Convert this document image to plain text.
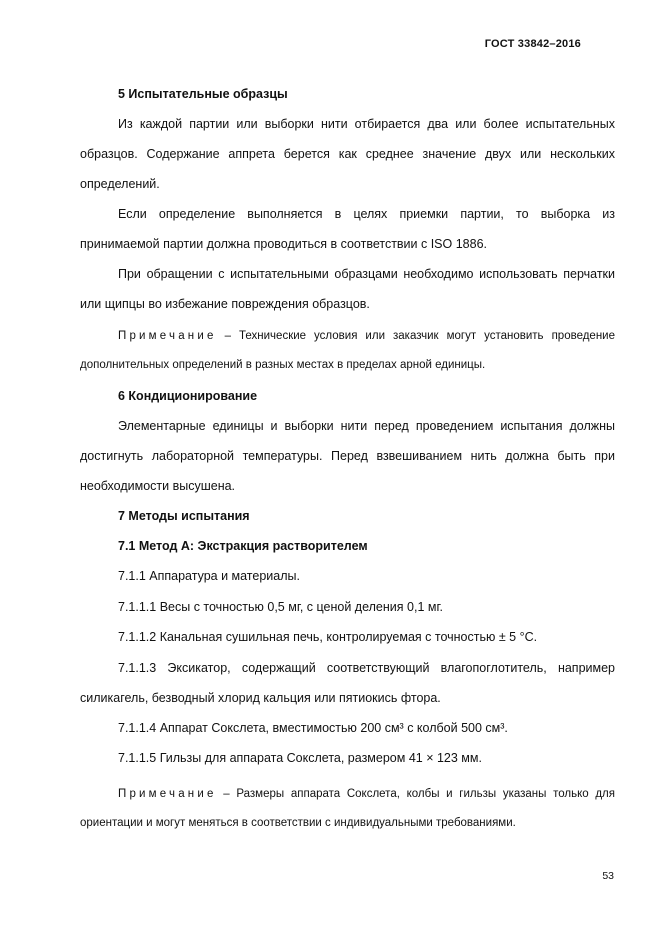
ГОСТ 33842–2016

5 Испытательные образцы

Из каждой партии или выборки нити отбирается два или более испытательных образцов. Содержание аппрета берется как среднее значение двух или нескольких определений.

Если определение выполняется в целях приемки партии, то выборка из принимаемой партии должна проводиться в соответствии с ISO 1886.

При обращении с испытательными образцами необходимо использовать перчатки или щипцы во избежание повреждения образцов.

Примечание – Технические условия или заказчик могут установить проведение дополнительных определений в разных местах в пределах арной единицы.

6 Кондиционирование

Элементарные единицы и выборки нити перед проведением испытания должны достигнуть лабораторной температуры. Перед взвешиванием нить должна быть при необходимости высушена.

7 Методы испытания

7.1 Метод А: Экстракция растворителем

7.1.1 Аппаратура и материалы.

7.1.1.1 Весы с точностью 0,5 мг, с ценой деления 0,1 мг.

7.1.1.2 Канальная сушильная печь, контролируемая с точностью ± 5 °С.

7.1.1.3 Эксикатор, содержащий соответствующий влагопоглотитель, например силикагель, безводный хлорид кальция или пятиокись фтора.

7.1.1.4 Аппарат Сокслета, вместимостью 200 см³ с колбой 500 см³.

7.1.1.5 Гильзы для аппарата Сокслета, размером 41 × 123 мм.

Примечание – Размеры аппарата Сокслета, колбы и гильзы указаны только для ориентации и могут меняться в соответствии с индивидуальными требованиями.

53
